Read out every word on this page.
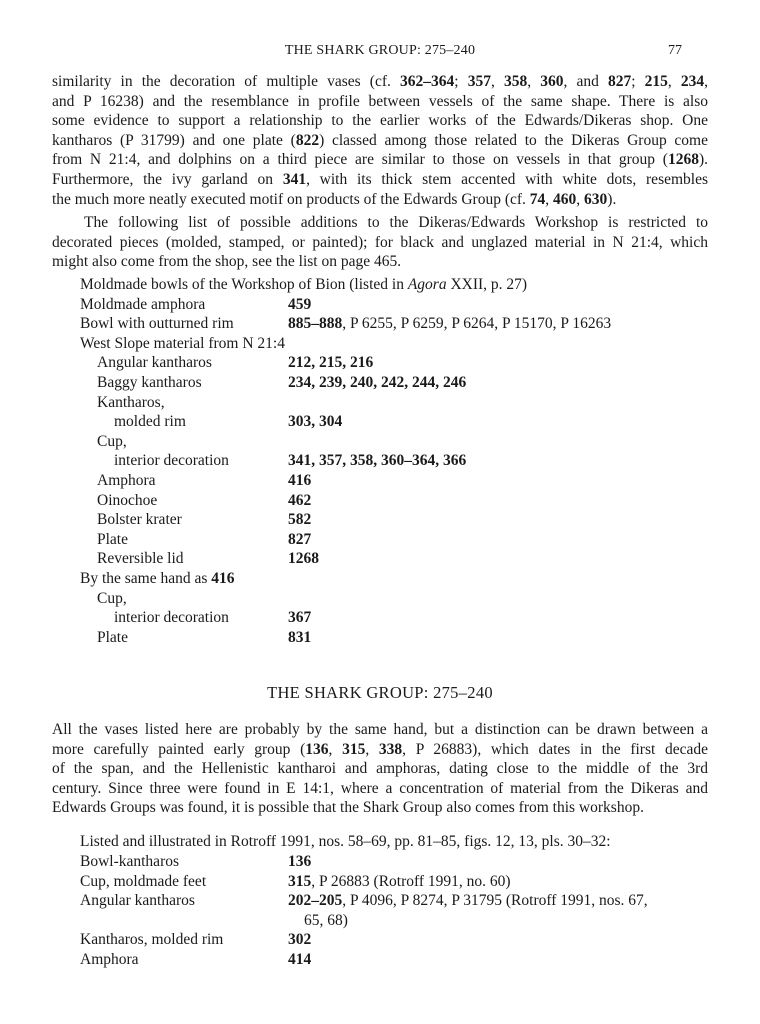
THE SHARK GROUP: 275–240	77
similarity in the decoration of multiple vases (cf. 362–364; 357, 358, 360, and 827; 215, 234,
and P 16238) and the resemblance in profile between vessels of the same shape. There is also
some evidence to support a relationship to the earlier works of the Edwards/Dikeras shop. One
kantharos (P 31799) and one plate (822) classed among those related to the Dikeras Group come
from N 21:4, and dolphins on a third piece are similar to those on vessels in that group (1268).
Furthermore, the ivy garland on 341, with its thick stem accented with white dots, resembles
the much more neatly executed motif on products of the Edwards Group (cf. 74, 460, 630).
The following list of possible additions to the Dikeras/Edwards Workshop is restricted to
decorated pieces (molded, stamped, or painted); for black and unglazed material in N 21:4, which
might also come from the shop, see the list on page 465.
Moldmade bowls of the Workshop of Bion (listed in Agora XXII, p. 27)
Moldmade amphora	459
Bowl with outturned rim	885–888, P 6255, P 6259, P 6264, P 15170, P 16263
West Slope material from N 21:4
Angular kantharos	212, 215, 216
Baggy kantharos	234, 239, 240, 242, 244, 246
Kantharos,
molded rim	303, 304
Cup,
interior decoration	341, 357, 358, 360–364, 366
Amphora	416
Oinochoe	462
Bolster krater	582
Plate	827
Reversible lid	1268
By the same hand as 416
Cup,
interior decoration	367
Plate	831
THE SHARK GROUP: 275–240
All the vases listed here are probably by the same hand, but a distinction can be drawn between a
more carefully painted early group (136, 315, 338, P 26883), which dates in the first decade
of the span, and the Hellenistic kantharoi and amphoras, dating close to the middle of the 3rd
century. Since three were found in E 14:1, where a concentration of material from the Dikeras and
Edwards Groups was found, it is possible that the Shark Group also comes from this workshop.
Listed and illustrated in Rotroff 1991, nos. 58–69, pp. 81–85, figs. 12, 13, pls. 30–32:
Bowl-kantharos	136
Cup, moldmade feet	315, P 26883 (Rotroff 1991, no. 60)
Angular kantharos	202–205, P 4096, P 8274, P 31795 (Rotroff 1991, nos. 67,
65, 68)
Kantharos, molded rim	302
Amphora	414
